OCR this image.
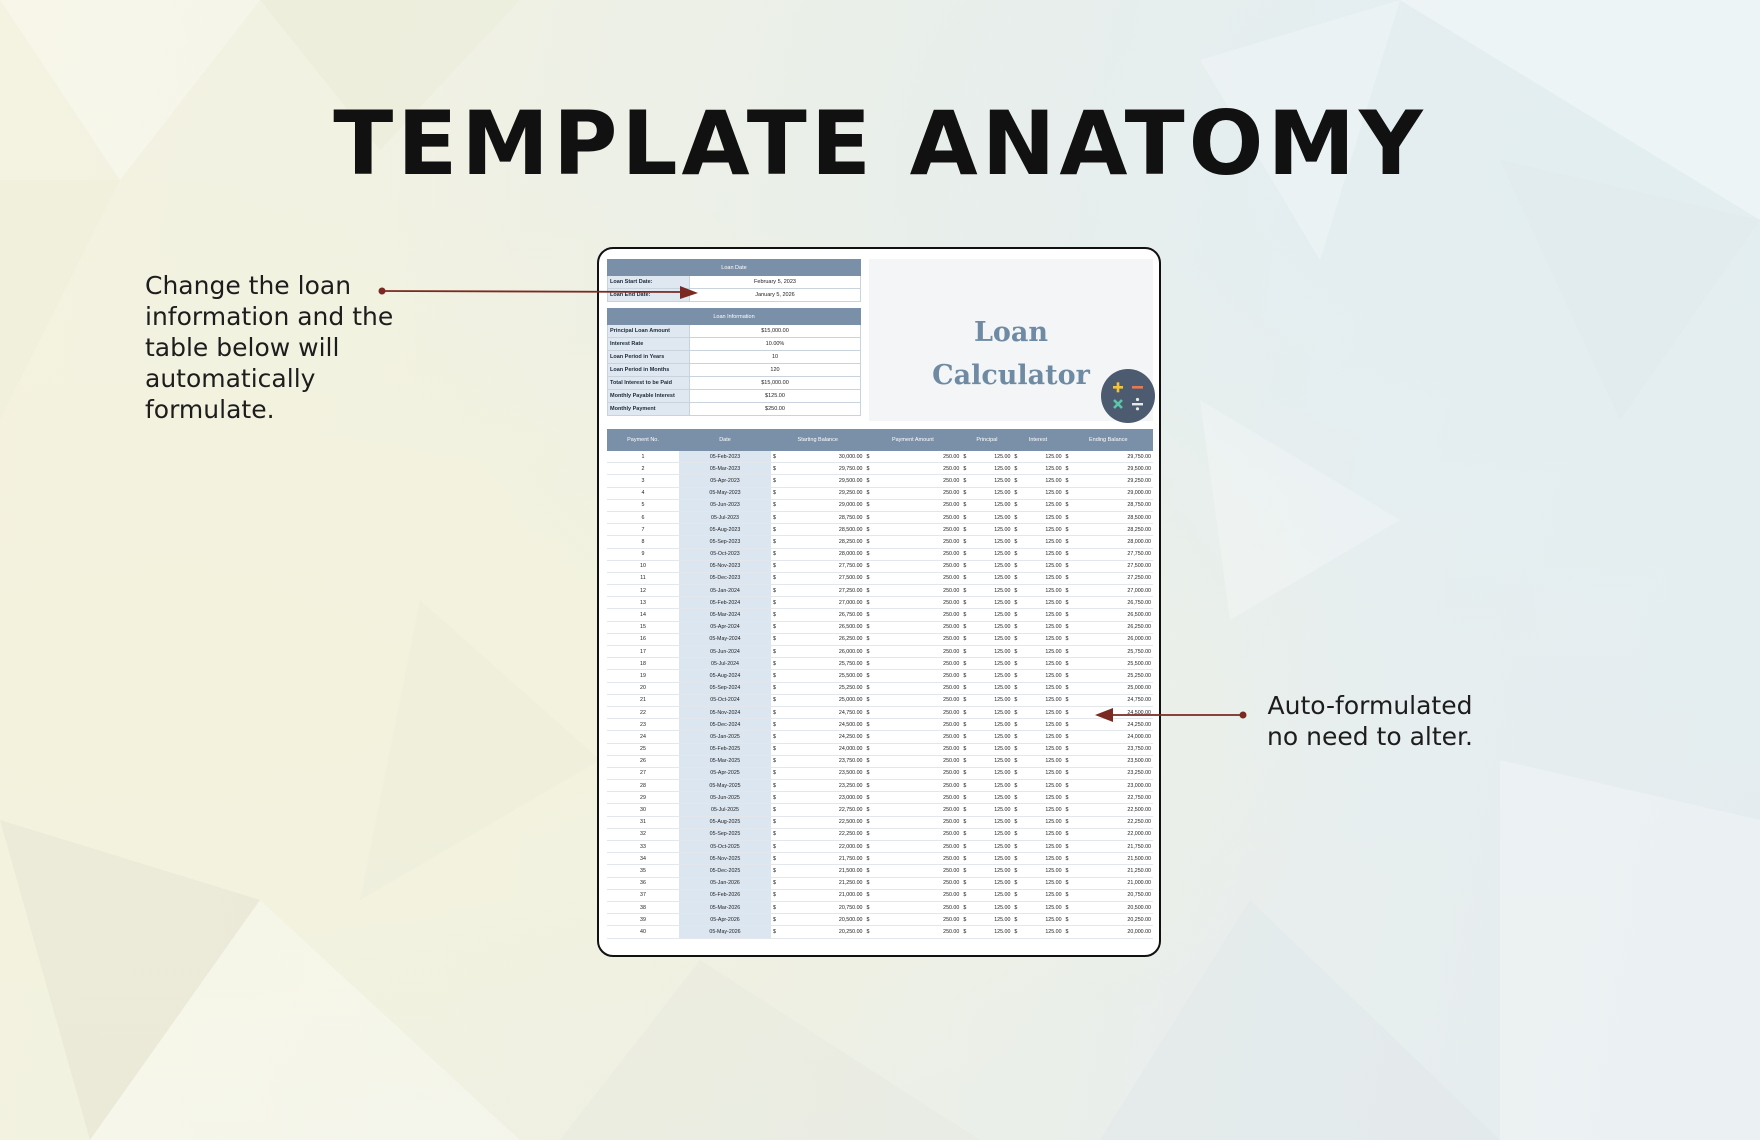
TEMPLATE ANATOMY
Change the loan information and the table below will automatically formulate.
Auto-formulated no need to alter.
Loan Date	
Loan Start Date:	February 5, 2023
Loan End Date:	January 5, 2026
Loan Information	
Principal Loan Amount	$15,000.00
Interest Rate	10.00%
Loan Period in Years	10
Loan Period in Months	120
Total Interest to be Paid	$15,000.00
Monthly Payable Interest	$125.00
Monthly Payment	$250.00
Loan
Calculator
Payment No.	Date	Starting Balance	Payment Amount	Principal	Interest	Ending Balance
1	05-Feb-2023	$ 30,000.00	$ 250.00	$ 125.00	$ 125.00	$ 29,750.00
2	05-Mar-2023	$ 29,750.00	$ 250.00	$ 125.00	$ 125.00	$ 29,500.00
3	05-Apr-2023	$ 29,500.00	$ 250.00	$ 125.00	$ 125.00	$ 29,250.00
4	05-May-2023	$ 29,250.00	$ 250.00	$ 125.00	$ 125.00	$ 29,000.00
5	05-Jun-2023	$ 29,000.00	$ 250.00	$ 125.00	$ 125.00	$ 28,750.00
6	05-Jul-2023	$ 28,750.00	$ 250.00	$ 125.00	$ 125.00	$ 28,500.00
7	05-Aug-2023	$ 28,500.00	$ 250.00	$ 125.00	$ 125.00	$ 28,250.00
8	05-Sep-2023	$ 28,250.00	$ 250.00	$ 125.00	$ 125.00	$ 28,000.00
9	05-Oct-2023	$ 28,000.00	$ 250.00	$ 125.00	$ 125.00	$ 27,750.00
10	05-Nov-2023	$ 27,750.00	$ 250.00	$ 125.00	$ 125.00	$ 27,500.00
11	05-Dec-2023	$ 27,500.00	$ 250.00	$ 125.00	$ 125.00	$ 27,250.00
12	05-Jan-2024	$ 27,250.00	$ 250.00	$ 125.00	$ 125.00	$ 27,000.00
13	05-Feb-2024	$ 27,000.00	$ 250.00	$ 125.00	$ 125.00	$ 26,750.00
14	05-Mar-2024	$ 26,750.00	$ 250.00	$ 125.00	$ 125.00	$ 26,500.00
15	05-Apr-2024	$ 26,500.00	$ 250.00	$ 125.00	$ 125.00	$ 26,250.00
16	05-May-2024	$ 26,250.00	$ 250.00	$ 125.00	$ 125.00	$ 26,000.00
17	05-Jun-2024	$ 26,000.00	$ 250.00	$ 125.00	$ 125.00	$ 25,750.00
18	05-Jul-2024	$ 25,750.00	$ 250.00	$ 125.00	$ 125.00	$ 25,500.00
19	05-Aug-2024	$ 25,500.00	$ 250.00	$ 125.00	$ 125.00	$ 25,250.00
20	05-Sep-2024	$ 25,250.00	$ 250.00	$ 125.00	$ 125.00	$ 25,000.00
21	05-Oct-2024	$ 25,000.00	$ 250.00	$ 125.00	$ 125.00	$ 24,750.00
22	05-Nov-2024	$ 24,750.00	$ 250.00	$ 125.00	$ 125.00	$ 24,500.00
23	05-Dec-2024	$ 24,500.00	$ 250.00	$ 125.00	$ 125.00	$ 24,250.00
24	05-Jan-2025	$ 24,250.00	$ 250.00	$ 125.00	$ 125.00	$ 24,000.00
25	05-Feb-2025	$ 24,000.00	$ 250.00	$ 125.00	$ 125.00	$ 23,750.00
26	05-Mar-2025	$ 23,750.00	$ 250.00	$ 125.00	$ 125.00	$ 23,500.00
27	05-Apr-2025	$ 23,500.00	$ 250.00	$ 125.00	$ 125.00	$ 23,250.00
28	05-May-2025	$ 23,250.00	$ 250.00	$ 125.00	$ 125.00	$ 23,000.00
29	05-Jun-2025	$ 23,000.00	$ 250.00	$ 125.00	$ 125.00	$ 22,750.00
30	05-Jul-2025	$ 22,750.00	$ 250.00	$ 125.00	$ 125.00	$ 22,500.00
31	05-Aug-2025	$ 22,500.00	$ 250.00	$ 125.00	$ 125.00	$ 22,250.00
32	05-Sep-2025	$ 22,250.00	$ 250.00	$ 125.00	$ 125.00	$ 22,000.00
33	05-Oct-2025	$ 22,000.00	$ 250.00	$ 125.00	$ 125.00	$ 21,750.00
34	05-Nov-2025	$ 21,750.00	$ 250.00	$ 125.00	$ 125.00	$ 21,500.00
35	05-Dec-2025	$ 21,500.00	$ 250.00	$ 125.00	$ 125.00	$ 21,250.00
36	05-Jan-2026	$ 21,250.00	$ 250.00	$ 125.00	$ 125.00	$ 21,000.00
37	05-Feb-2026	$ 21,000.00	$ 250.00	$ 125.00	$ 125.00	$ 20,750.00
38	05-Mar-2026	$ 20,750.00	$ 250.00	$ 125.00	$ 125.00	$ 20,500.00
39	05-Apr-2026	$ 20,500.00	$ 250.00	$ 125.00	$ 125.00	$ 20,250.00
40	05-May-2026	$ 20,250.00	$ 250.00	$ 125.00	$ 125.00	$ 20,000.00
